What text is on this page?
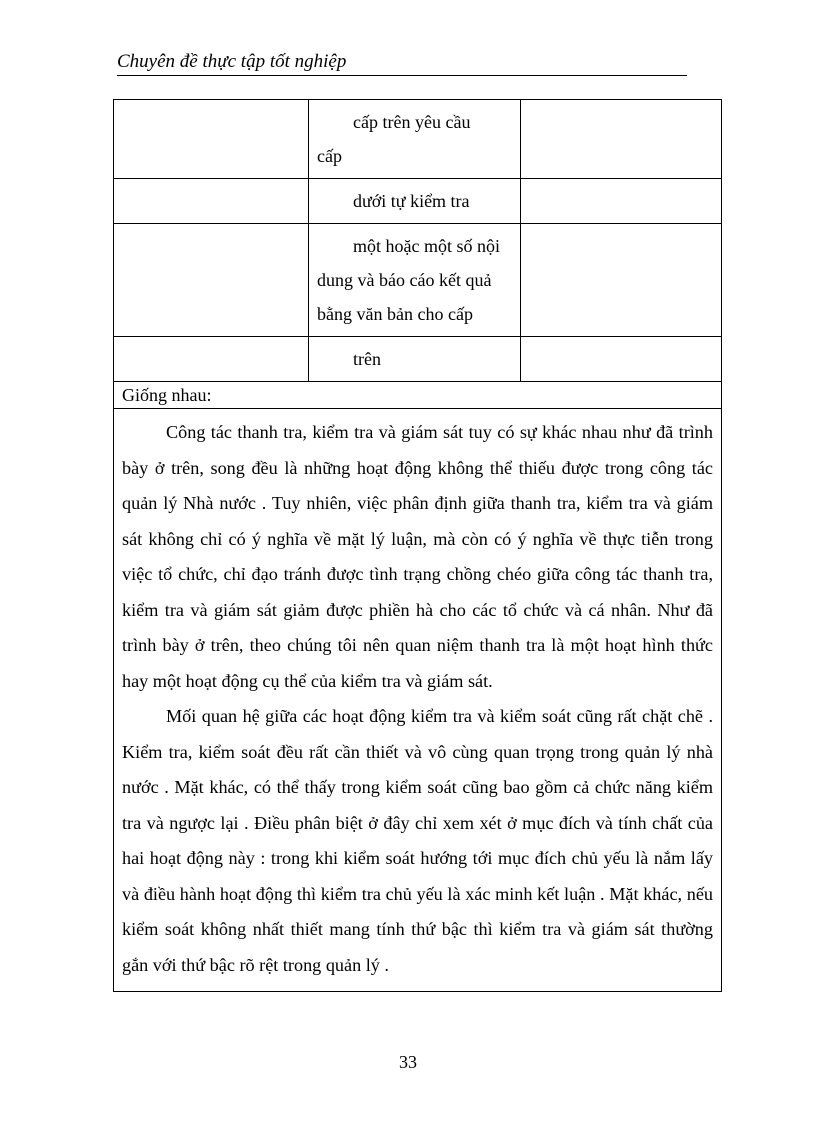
Chuyên đề thực tập tốt nghiệp

	cấp trên yêu cầu
cấp	

	dưới tự kiểm tra	

	một hoặc một số nội
dung và báo cáo kết quả
bằng văn bản cho cấp	

	trên	

Giống nhau:		

Công tác thanh tra, kiểm tra và giám sát tuy có sự khác nhau như đã trình bày ở trên, song đều là những hoạt động không thể thiếu được trong công tác quản lý Nhà nước . Tuy nhiên, việc phân định giữa thanh tra, kiểm tra và giám sát không chỉ có ý nghĩa về mặt lý luận, mà còn có ý nghĩa về thực tiễn trong việc tổ chức, chỉ đạo tránh được tình trạng chồng chéo giữa công tác thanh tra, kiểm tra và giám sát giảm được phiền hà cho các tổ chức và cá nhân. Như đã trình bày ở trên, theo chúng tôi nên quan niệm thanh tra là một hoạt hình thức hay một hoạt động cụ thể của kiểm tra và giám sát.

Mối quan hệ giữa các hoạt động kiểm tra và kiểm soát cũng rất chặt chẽ . Kiểm tra, kiểm soát đều rất cần thiết và vô cùng quan trọng trong quản lý nhà nước . Mặt khác, có thể thấy trong kiểm soát cũng bao gồm cả chức năng kiểm tra và ngược lại . Điều phân biệt ở đây chỉ xem xét ở mục đích và tính chất của hai hoạt động này : trong khi kiểm soát hướng tới mục đích chủ yếu là nắm lấy và điều hành hoạt động thì kiểm tra chủ yếu là xác minh kết luận . Mặt khác, nếu kiểm soát không nhất thiết mang tính thứ bậc thì kiểm tra và giám sát thường gắn với thứ bậc rõ rệt trong quản lý .		

33
